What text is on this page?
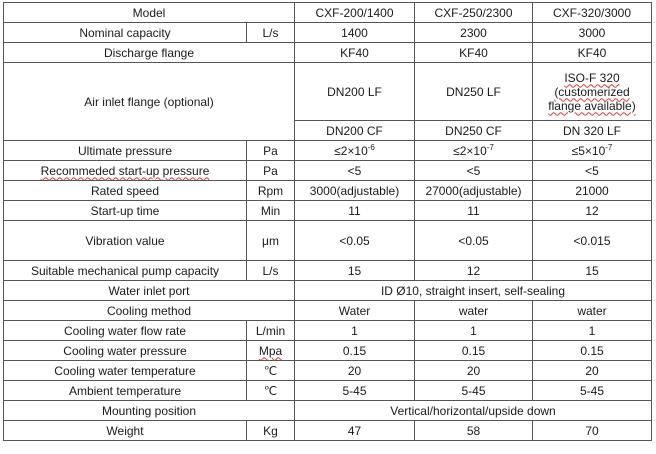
Model		CXF-200/1400	CXF-250/2300	CXF-320/3000
Nominal capacity	L/s	1400	2300	3000
Discharge flange		KF40	KF40	KF40
Air inlet flange (optional)		DN200 LF	DN250 LF	ISO-F 320
(customerized
flange available)

		DN200 CF	DN250 CF	DN 320 LF
Ultimate pressure	Pa	$\le 2\times 10^{-6}$	$\le 2\times 10^{-7}$	$\le 5\times 10^{-7}$
Recommeded start-up pressure	Pa	<5	<5	<5
Rated speed	Rpm	3000(adjustable)	27000(adjustable)	21000
Start-up time	Min	11	11	12
Vibration value	μm	<0.05	<0.05	<0.015
Suitable mechanical pump capacity	L/s	15	12	15
Water inlet port		ID Ø10, straight insert, self-sealing		
Cooling method		Water	water	water
Cooling water flow rate	L/min	1	1	1
Cooling water pressure	Mpa	0.15	0.15	0.15
Cooling water temperature	℃	20	20	20
Ambient temperature	℃	5-45	5-45	5-45
Mounting position		Vertical/horizontal/upside down		
Weight	Kg	47	58	70
